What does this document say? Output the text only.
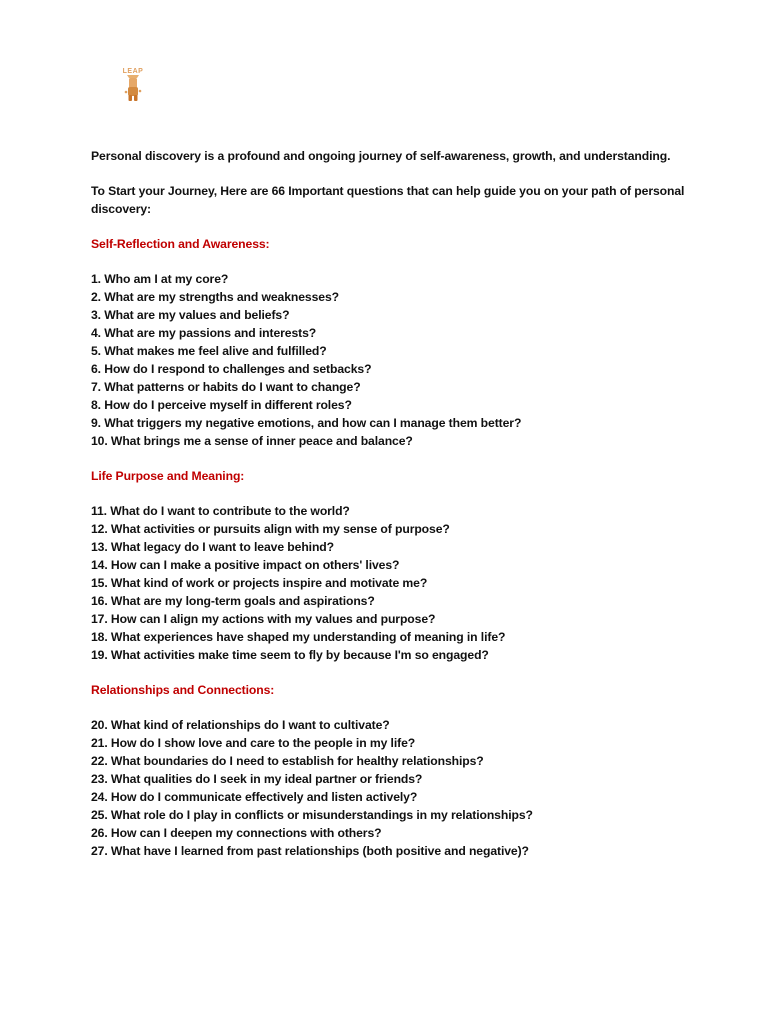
LEAP

Personal discovery is a profound and ongoing journey of self-awareness, growth, and understanding.

To Start your Journey, Here are 66 Important questions that can help guide you on your path of personal discovery:

Self-Reflection and Awareness:

1. Who am I at my core?
2. What are my strengths and weaknesses?
3. What are my values and beliefs?
4. What are my passions and interests?
5. What makes me feel alive and fulfilled?
6. How do I respond to challenges and setbacks?
7. What patterns or habits do I want to change?
8. How do I perceive myself in different roles?
9. What triggers my negative emotions, and how can I manage them better?
10. What brings me a sense of inner peace and balance?

Life Purpose and Meaning:

11. What do I want to contribute to the world?
12. What activities or pursuits align with my sense of purpose?
13. What legacy do I want to leave behind?
14. How can I make a positive impact on others' lives?
15. What kind of work or projects inspire and motivate me?
16. What are my long-term goals and aspirations?
17. How can I align my actions with my values and purpose?
18. What experiences have shaped my understanding of meaning in life?
19. What activities make time seem to fly by because I'm so engaged?

Relationships and Connections:

20. What kind of relationships do I want to cultivate?
21. How do I show love and care to the people in my life?
22. What boundaries do I need to establish for healthy relationships?
23. What qualities do I seek in my ideal partner or friends?
24. How do I communicate effectively and listen actively?
25. What role do I play in conflicts or misunderstandings in my relationships?
26. How can I deepen my connections with others?
27. What have I learned from past relationships (both positive and negative)?
